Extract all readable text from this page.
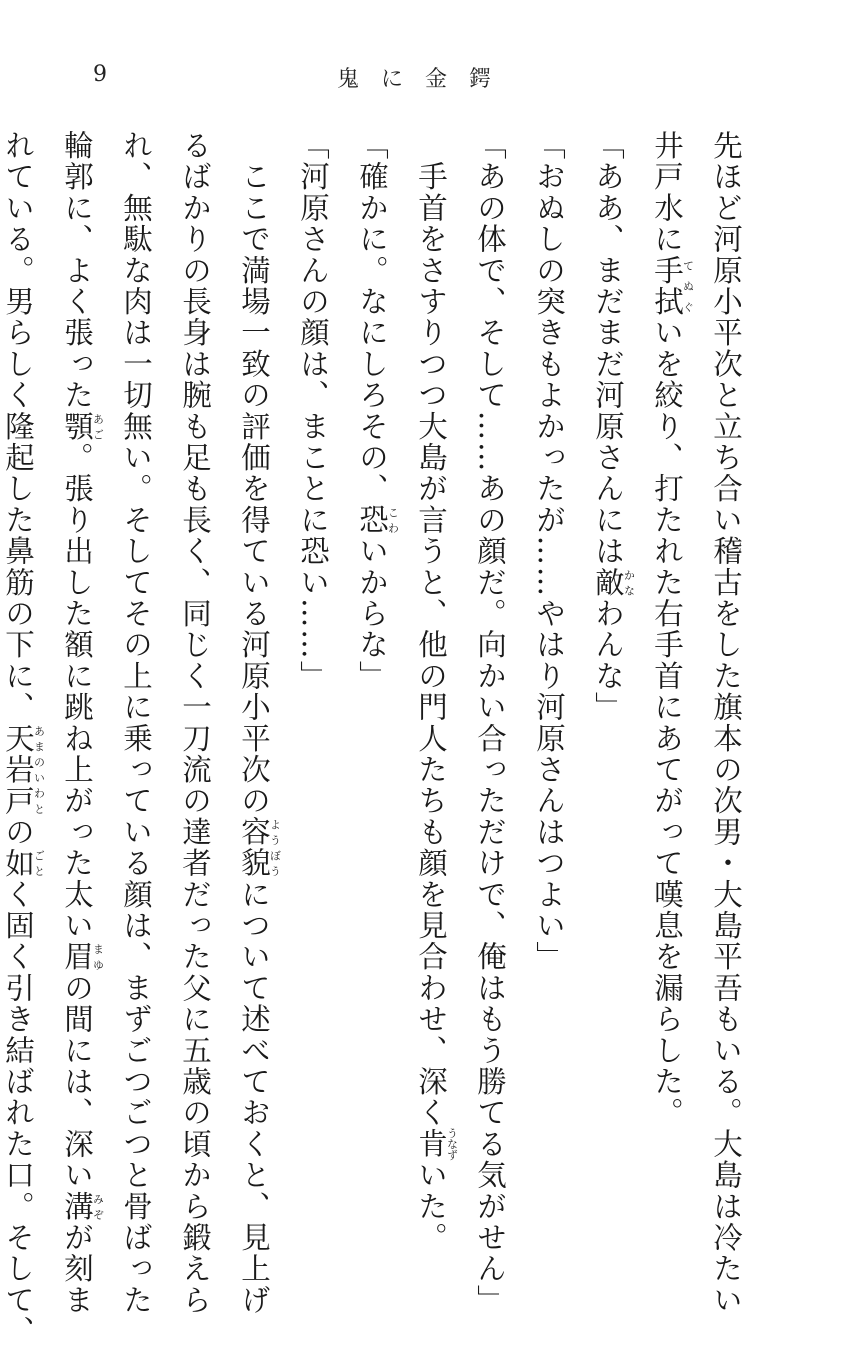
9	鬼に金鍔
先ほど河原小平次と立ち合い稽古をした旗本の次男・大島平吾もいる。大島は冷たい
井戸水に手拭てぬぐいを絞り、打たれた右手首にあてがって嘆息を漏らした。
「ああ、まだまだ河原さんには敵かなわんな」
「おぬしの突きもよかったが……やはり河原さんはつよい」
「あの体で、そして……あの顔だ。向かい合っただけで、俺はもう勝てる気がせん」
　手首をさすりつつ大島が言うと、他の門人たちも顔を見合わせ、深く肯うなずいた。
「確かに。なにしろその、恐こわいからな」
「河原さんの顔は、まことに恐い……」
　ここで満場一致の評価を得ている河原小平次の容貌ようぼうについて述べておくと、見上げ
るばかりの長身は腕も足も長く、同じく一刀流の達者だった父に五歳の頃から鍛えら
れ、無駄な肉は一切無い。そしてその上に乗っている顔は、まずごつごつと骨ばった
輪郭に、よく張った顎あご。張り出した額に跳ね上がった太い眉まゆの間には、深い溝みぞが刻ま
れている。男らしく隆起した鼻筋の下に、天岩戸あまのいわとの如ごとく固く引き結ばれた口。そして、
